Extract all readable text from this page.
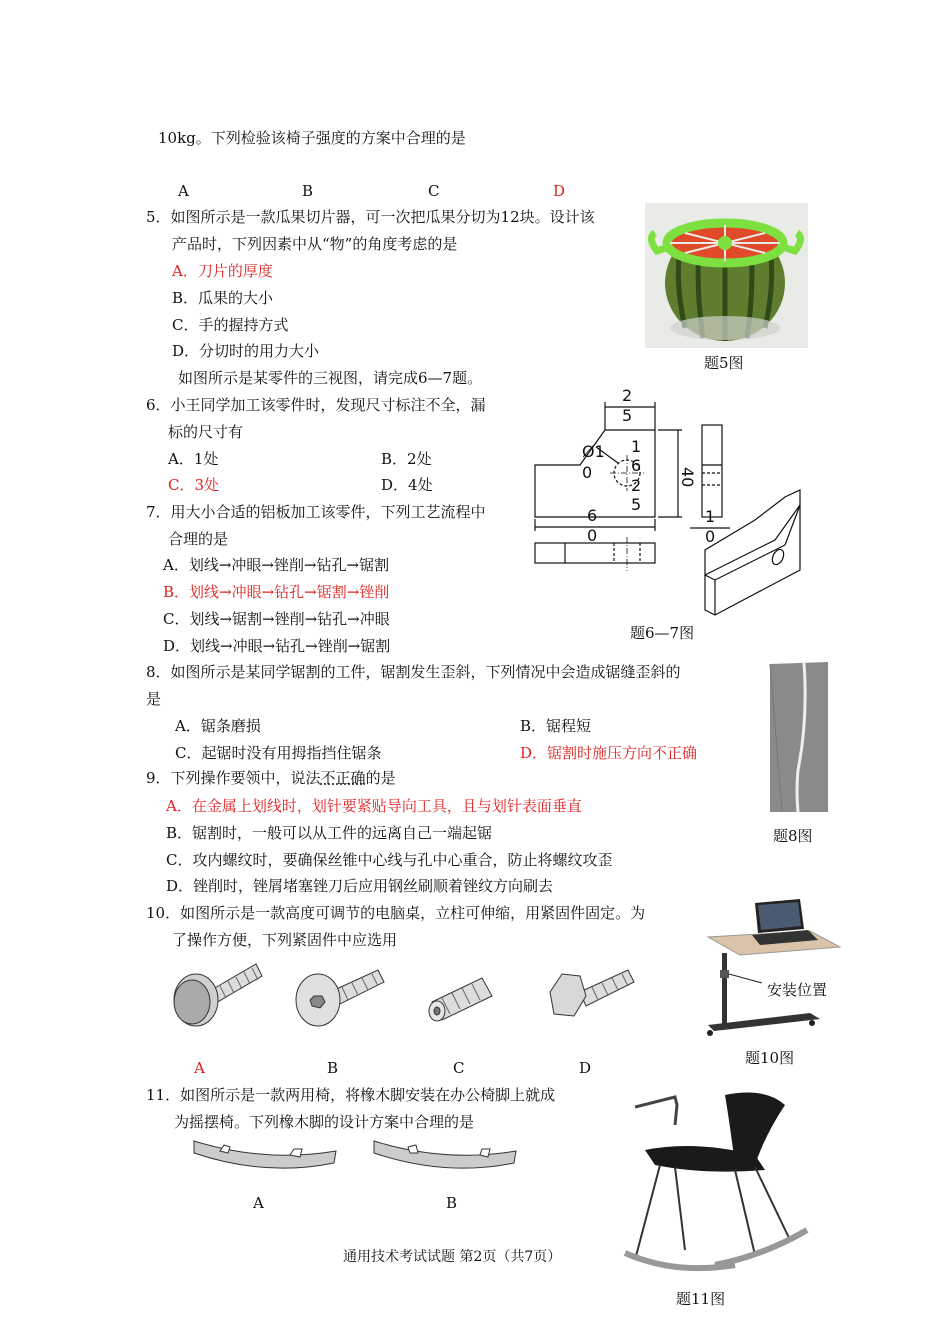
10kg。下列检验该椅子强度的方案中合理的是
A	B	C	D
5．如图所示是一款瓜果切片器，可一次把瓜果分切为12块。设计该
产品时，下列因素中从“物”的角度考虑的是
A．刀片的厚度
B．瓜果的大小
C．手的握持方式
D．分切时的用力大小
题5图
如图所示是某零件的三视图，请完成6—7题。
6．小王同学加工该零件时，发现尺寸标注不全，漏
标的尺寸有
A．1处	B．2处
C．3处	D．4处
7．用大小合适的铝板加工该零件，下列工艺流程中
合理的是
A．划线→冲眼→锉削→钻孔→锯割
B．划线→冲眼→钻孔→锯割→锉削
C．划线→锯割→锉削→钻孔→冲眼
D．划线→冲眼→钻孔→锉削→锯割
2
5
Ø1
0
1
6
2
5
40
6
0
1
0
题6—7图
8．如图所示是某同学锯割的工件，锯割发生歪斜，下列情况中会造成锯缝歪斜的
是
A．锯条磨损	B．锯程短
C．起锯时没有用拇指挡住锯条	D．锯割时施压方向不正确
题8图
9．下列操作要领中，说法不正确的是
A．在金属上划线时，划针要紧贴导向工具，且与划针表面垂直
B．锯割时，一般可以从工件的远离自己一端起锯
C．攻内螺纹时，要确保丝锥中心线与孔中心重合，防止将螺纹攻歪
D．锉削时，锉屑堵塞锉刀后应用钢丝刷顺着锉纹方向刷去
10．如图所示是一款高度可调节的电脑桌，立柱可伸缩，用紧固件固定。为
了操作方便，下列紧固件中应选用
A	B	C	D
安装位置
题10图
11．如图所示是一款两用椅，将橡木脚安装在办公椅脚上就成
为摇摆椅。下列橡木脚的设计方案中合理的是
A	B
题11图
通用技术考试试题 第2页（共7页）
